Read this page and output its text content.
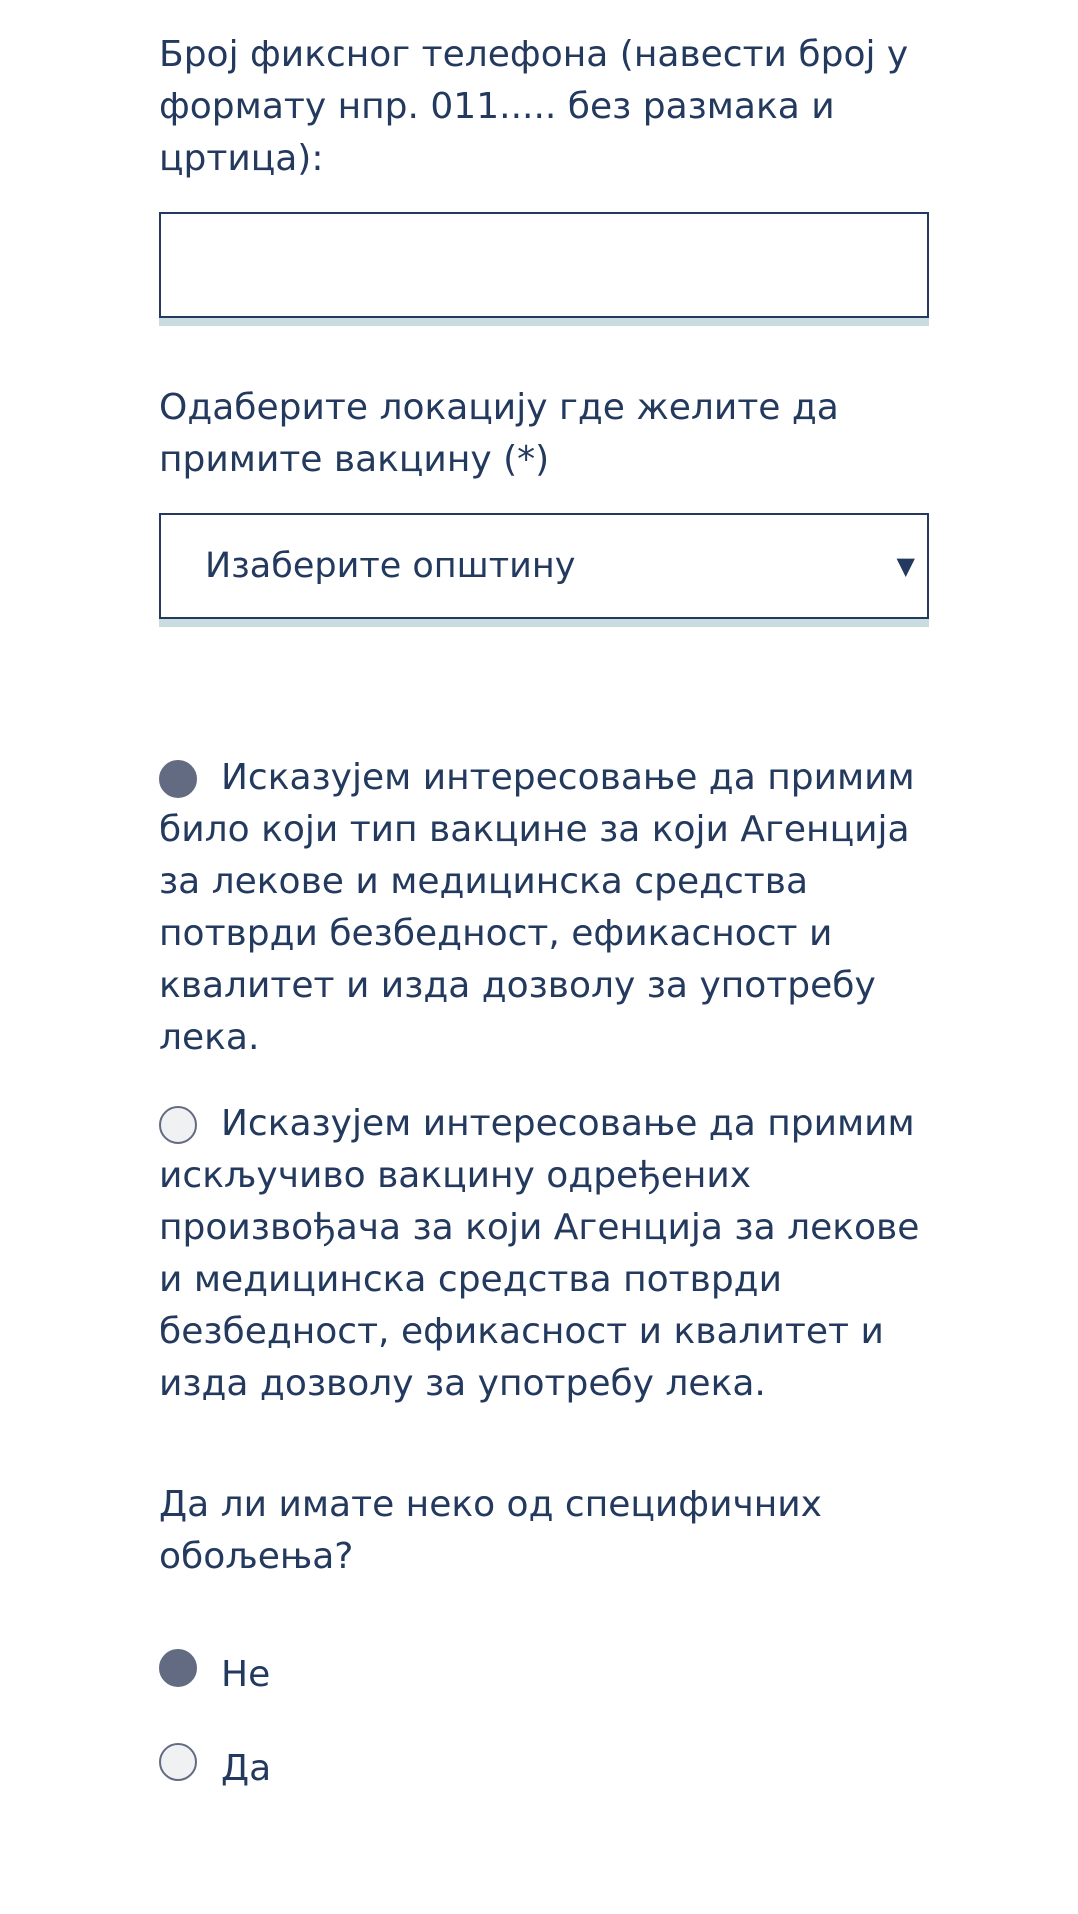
Број фиксног телефона (навести број у формату нпр. 011..... без размака и цртица):

Одаберите локацију где желите да примите вакцину (*)

Изаберите општину	▼

Исказујем интересовање да примим било који тип вакцине за који Агенција за лекове и медицинска средства потврди безбедност, ефикасност и квалитет и изда дозволу за употребу лека.

Исказујем интересовање да примим искључиво вакцину одређених произвођача за који Агенција за лекове и медицинска средства потврди безбедност, ефикасност и квалитет и изда дозволу за употребу лека.

Да ли имате неко од специфичних обољења?

Не
Да
